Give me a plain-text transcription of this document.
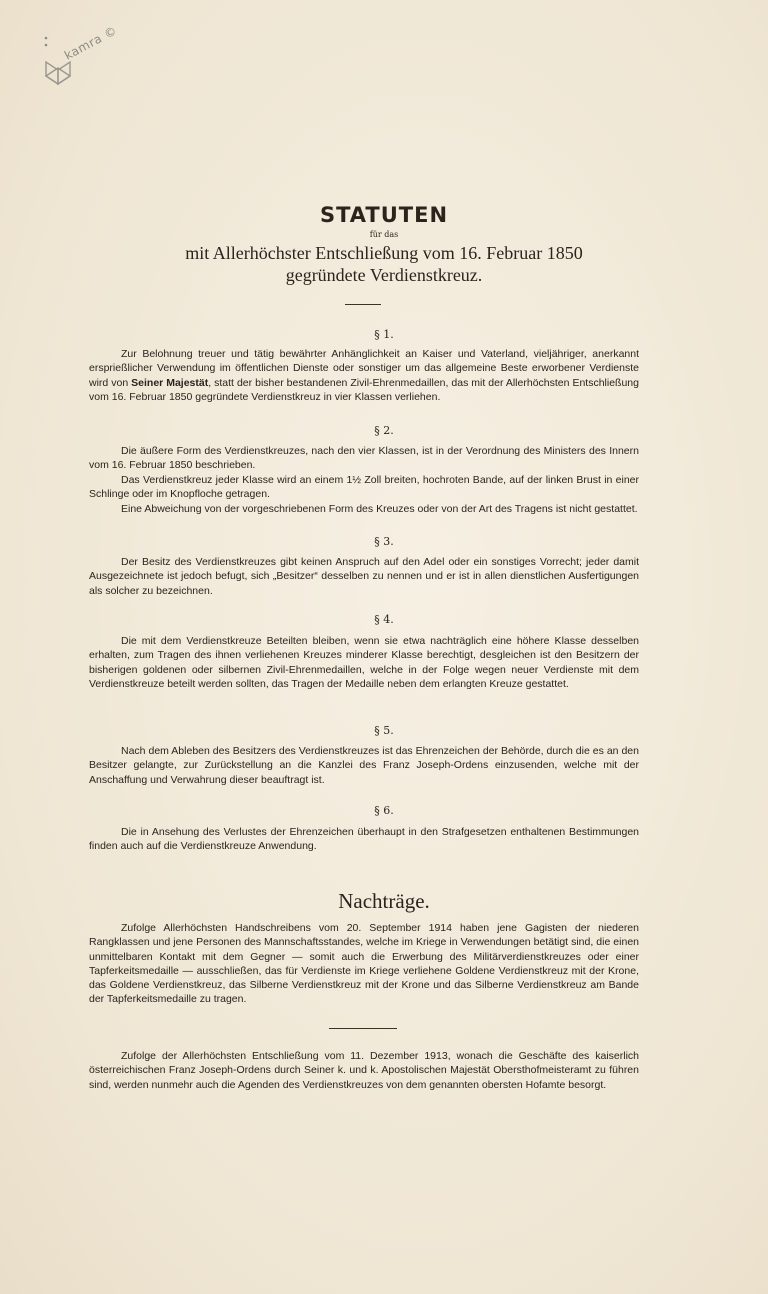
kamra ©
STATUTEN
für das
mit Allerhöchster Entschließung vom 16. Februar 1850
gegründete Verdienstkreuz.
§ 1.
Zur Belohnung treuer und tätig bewährter Anhänglichkeit an Kaiser und Vaterland, vieljähriger, anerkannt ersprießlicher Verwendung im öffentlichen Dienste oder sonstiger um das allgemeine Beste erworbener Verdienste wird von Seiner Majestät, statt der bisher bestandenen Zivil-Ehrenmedaillen, das mit der Allerhöchsten Entschließung vom 16. Februar 1850 gegründete Verdienstkreuz in vier Klassen verliehen.
§ 2.
Die äußere Form des Verdienstkreuzes, nach den vier Klassen, ist in der Verordnung des Ministers des Innern vom 16. Februar 1850 beschrieben.
Das Verdienstkreuz jeder Klasse wird an einem 1½ Zoll breiten, hochroten Bande, auf der linken Brust in einer Schlinge oder im Knopfloche getragen.
Eine Abweichung von der vorgeschriebenen Form des Kreuzes oder von der Art des Tragens ist nicht gestattet.
§ 3.
Der Besitz des Verdienstkreuzes gibt keinen Anspruch auf den Adel oder ein sonstiges Vorrecht; jeder damit Ausgezeichnete ist jedoch befugt, sich „Besitzer“ desselben zu nennen und er ist in allen dienstlichen Ausfertigungen als solcher zu bezeichnen.
§ 4.
Die mit dem Verdienstkreuze Beteilten bleiben, wenn sie etwa nachträglich eine höhere Klasse desselben erhalten, zum Tragen des ihnen verliehenen Kreuzes minderer Klasse berechtigt, desgleichen ist den Besitzern der bisherigen goldenen oder silbernen Zivil-Ehrenmedaillen, welche in der Folge wegen neuer Verdienste mit dem Verdienstkreuze beteilt werden sollten, das Tragen der Medaille neben dem erlangten Kreuze gestattet.
§ 5.
Nach dem Ableben des Besitzers des Verdienstkreuzes ist das Ehrenzeichen der Behörde, durch die es an den Besitzer gelangte, zur Zurückstellung an die Kanzlei des Franz Joseph-Ordens einzusenden, welche mit der Anschaffung und Verwahrung dieser beauftragt ist.
§ 6.
Die in Ansehung des Verlustes der Ehrenzeichen überhaupt in den Strafgesetzen enthaltenen Bestimmungen finden auch auf die Verdienstkreuze Anwendung.
Nachträge.
Zufolge Allerhöchsten Handschreibens vom 20. September 1914 haben jene Gagisten der niederen Rangklassen und jene Personen des Mannschaftsstandes, welche im Kriege in Verwendungen betätigt sind, die einen unmittelbaren Kontakt mit dem Gegner — somit auch die Erwerbung des Militärverdienstkreuzes oder einer Tapferkeitsmedaille — ausschließen, das für Verdienste im Kriege verliehene Goldene Verdienstkreuz mit der Krone, das Goldene Verdienstkreuz, das Silberne Verdienstkreuz mit der Krone und das Silberne Verdienstkreuz am Bande der Tapferkeitsmedaille zu tragen.
Zufolge der Allerhöchsten Entschließung vom 11. Dezember 1913, wonach die Geschäfte des kaiserlich österreichischen Franz Joseph-Ordens durch Seiner k. und k. Apostolischen Majestät Obersthofmeisteramt zu führen sind, werden nunmehr auch die Agenden des Verdienstkreuzes von dem genannten obersten Hofamte besorgt.
